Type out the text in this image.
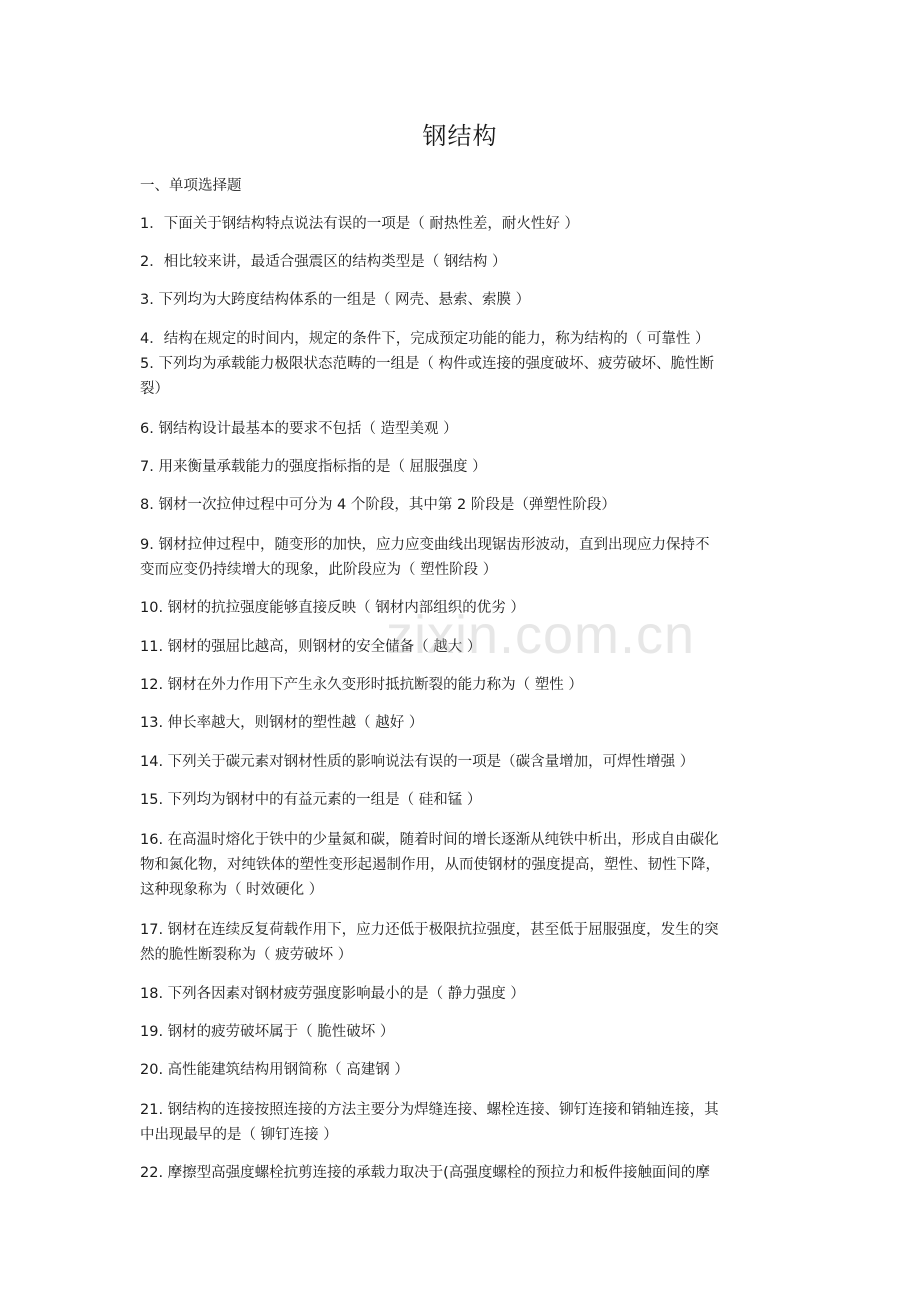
钢结构
一、单项选择题
1．下面关于钢结构特点说法有误的一项是（ 耐热性差，耐火性好 ）
2．相比较来讲，最适合强震区的结构类型是（ 钢结构 ）
3. 下列均为大跨度结构体系的一组是（ 网壳、悬索、索膜 ）
4．结构在规定的时间内，规定的条件下，完成预定功能的能力，称为结构的（ 可靠性 ）
5. 下列均为承载能力极限状态范畴的一组是（ 构件或连接的强度破坏、疲劳破坏、脆性断
裂）
6. 钢结构设计最基本的要求不包括（ 造型美观 ）
7. 用来衡量承载能力的强度指标指的是（ 屈服强度 ）
8. 钢材一次拉伸过程中可分为 4 个阶段，其中第 2 阶段是（弹塑性阶段）
9. 钢材拉伸过程中，随变形的加快，应力应变曲线出现锯齿形波动，直到出现应力保持不
变而应变仍持续增大的现象，此阶段应为（ 塑性阶段 ）
10. 钢材的抗拉强度能够直接反映（ 钢材内部组织的优劣 ）
11. 钢材的强屈比越高，则钢材的安全储备（ 越大 ）
12. 钢材在外力作用下产生永久变形时抵抗断裂的能力称为（ 塑性 ）
13. 伸长率越大，则钢材的塑性越（ 越好 ）
14. 下列关于碳元素对钢材性质的影响说法有误的一项是（碳含量增加，可焊性增强 ）
15. 下列均为钢材中的有益元素的一组是（ 硅和锰 ）
16. 在高温时熔化于铁中的少量氮和碳，随着时间的增长逐渐从纯铁中析出，形成自由碳化
物和氮化物，对纯铁体的塑性变形起遏制作用，从而使钢材的强度提高，塑性、韧性下降，
这种现象称为（ 时效硬化 ）
17. 钢材在连续反复荷载作用下，应力还低于极限抗拉强度，甚至低于屈服强度，发生的突
然的脆性断裂称为（ 疲劳破坏 ）
18. 下列各因素对钢材疲劳强度影响最小的是（ 静力强度 ）
19. 钢材的疲劳破坏属于（ 脆性破坏 ）
20. 高性能建筑结构用钢简称（ 高建钢 ）
21. 钢结构的连接按照连接的方法主要分为焊缝连接、螺栓连接、铆钉连接和销轴连接，其
中出现最早的是（ 铆钉连接 ）
22. 摩擦型高强度螺栓抗剪连接的承载力取决于(高强度螺栓的预拉力和板件接触面间的摩
zixin.com.cn
